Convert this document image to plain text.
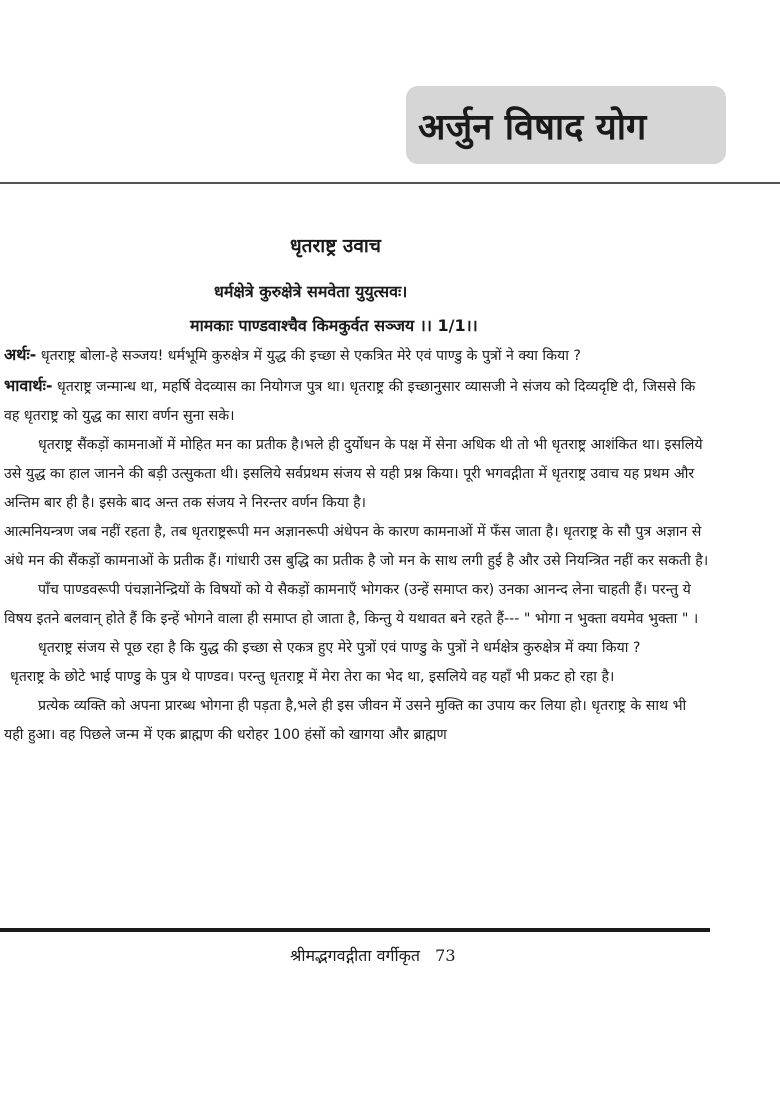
अर्जुन विषाद योग
धृतराष्ट्र उवाच
धर्मक्षेत्रे कुरुक्षेत्रे समवेता युयुत्सवः।
मामकाः पाण्डवाश्चैव किमकुर्वत सञ्जय ।। 1/1।।

अर्थः- धृतराष्ट्र बोला-हे सञ्जय! धर्मभूमि कुरुक्षेत्र में युद्ध की इच्छा से एकत्रित मेरे एवं पाण्डु के पुत्रों ने क्या किया ?

भावार्थः- धृतराष्ट्र जन्मान्ध था, महर्षि वेदव्यास का नियोगज पुत्र था। धृतराष्ट्र की इच्छानुसार व्यासजी ने संजय को दिव्यदृष्टि दी, जिससे कि वह धृतराष्ट्र को युद्ध का सारा वर्णन सुना सके।

धृतराष्ट्र सैंकड़ों कामनाओं में मोहित मन का प्रतीक है।भले ही दुर्योधन के पक्ष में सेना अधिक थी तो भी धृतराष्ट्र आशंकित था। इसलिये उसे युद्ध का हाल जानने की बड़ी उत्सुकता थी। इसलिये सर्वप्रथम संजय से यही प्रश्न किया। पूरी भगवद्गीता में धृतराष्ट्र उवाच यह प्रथम और अन्तिम बार ही है। इसके बाद अन्त तक संजय ने निरन्तर वर्णन किया है।

आत्मनियन्त्रण जब नहीं रहता है, तब धृतराष्ट्ररूपी मन अज्ञानरूपी अंधेपन के कारण कामनाओं में फँस जाता है। धृतराष्ट्र के सौ पुत्र अज्ञान से अंधे मन की सैंकड़ों कामनाओं के प्रतीक हैं। गांधारी उस बुद्धि का प्रतीक है जो मन के साथ लगी हुई है और उसे नियन्त्रित नहीं कर सकती है।

पाँच पाण्डवरूपी पंचज्ञानेन्द्रियों के विषयों को ये सैकड़ों कामनाएँ भोगकर (उन्हें समाप्त कर) उनका आनन्द लेना चाहती हैं। परन्तु ये विषय इतने बलवान् होते हैं कि इन्हें भोगने वाला ही समाप्त हो जाता है, किन्तु ये यथावत बने रहते हैं--- " भोगा न भुक्ता वयमेव भुक्ता " ।

धृतराष्ट्र संजय से पूछ रहा है कि युद्ध की इच्छा से एकत्र हुए मेरे पुत्रों एवं पाण्डु के पुत्रों ने धर्मक्षेत्र कुरुक्षेत्र में क्या किया ?

धृतराष्ट्र के छोटे भाई पाण्डु के पुत्र थे पाण्डव। परन्तु धृतराष्ट्र में मेरा तेरा का भेद था, इसलिये वह यहाँ भी प्रकट हो रहा है।

प्रत्येक व्यक्ति को अपना प्रारब्ध भोगना ही पड़ता है,भले ही इस जीवन में उसने मुक्ति का उपाय कर लिया हो। धृतराष्ट्र के साथ भी यही हुआ। वह पिछले जन्म में एक ब्राह्मण की धरोहर 100 हंसों को खागया और ब्राह्मण

श्रीमद्भगवद्गीता वर्गीकृत 73
